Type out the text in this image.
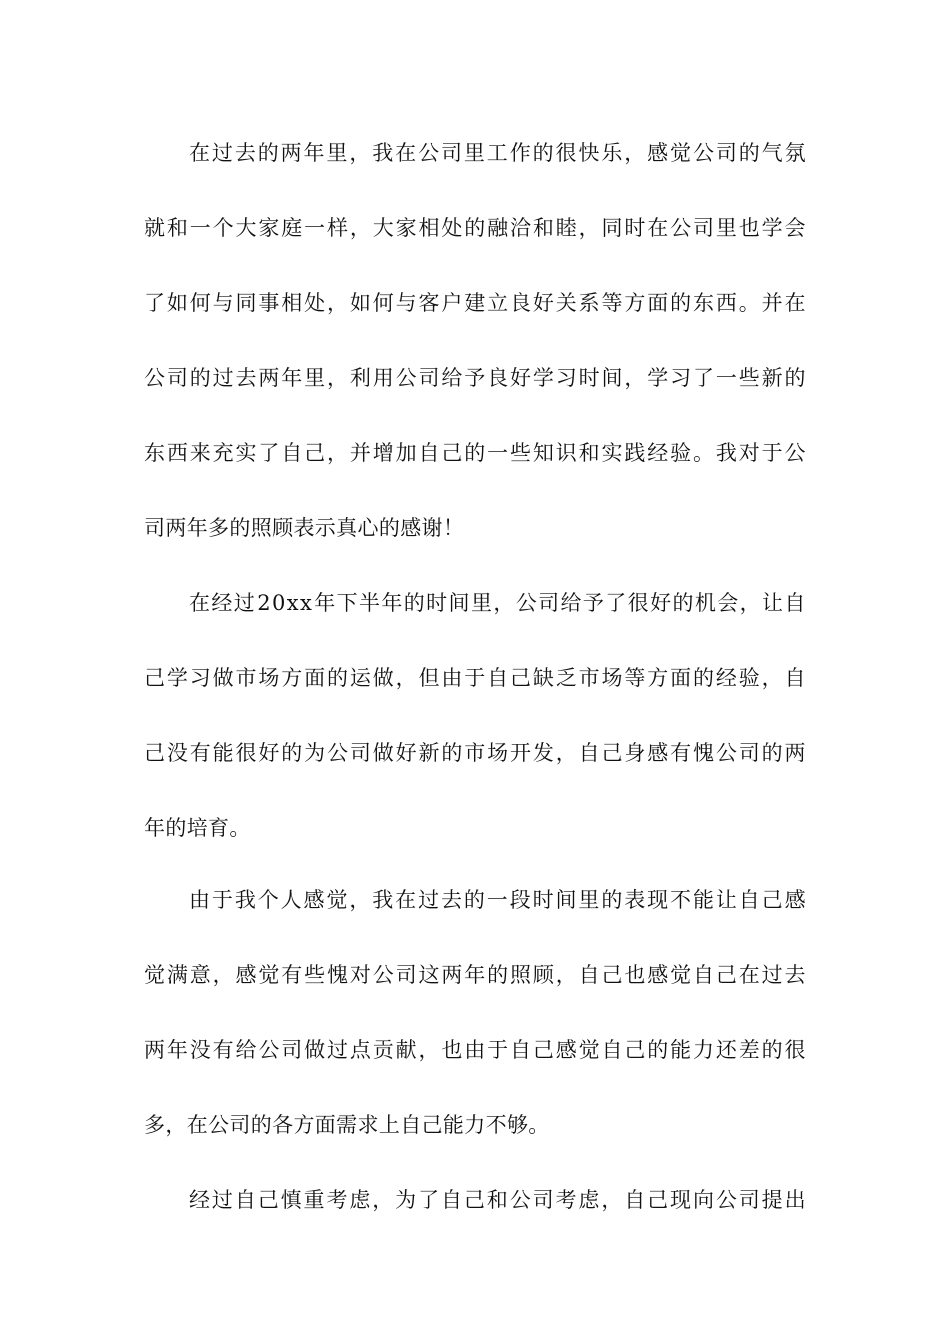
在 过 去 的 两 年 里 ， 我 在 公 司 里 工 作 的 很 快 乐 ， 感 觉 公 司 的 气 氛

就 和 一 个 大 家 庭 一 样 ， 大 家 相 处 的 融 洽 和 睦 ， 同 时 在 公 司 里 也 学 会

了 如 何 与 同 事 相 处 ， 如 何 与 客 户 建 立 良 好 关 系 等 方 面 的 东 西 。 并 在

公 司 的 过 去 两 年 里 ， 利 用 公 司 给 予 良 好 学 习 时 间 ， 学 习 了 一 些 新 的

东 西 来 充 实 了 自 己 ， 并 增 加 自 己 的 一 些 知 识 和 实 践 经 验 。 我 对 于 公

司两年多的照顾表示真心的感谢！

在 经 过 2 0 x x 年 下 半 年 的 时 间 里 ， 公 司 给 予 了 很 好 的 机 会 ， 让 自

己 学 习 做 市 场 方 面 的 运 做 ， 但 由 于 自 己 缺 乏 市 场 等 方 面 的 经 验 ， 自

己 没 有 能 很 好 的 为 公 司 做 好 新 的 市 场 开 发 ， 自 己 身 感 有 愧 公 司 的 两

年的培育。

由 于 我 个 人 感 觉 ， 我 在 过 去 的 一 段 时 间 里 的 表 现 不 能 让 自 己 感

觉 满 意 ， 感 觉 有 些 愧 对 公 司 这 两 年 的 照 顾 ， 自 己 也 感 觉 自 己 在 过 去

两 年 没 有 给 公 司 做 过 点 贡 献 ， 也 由 于 自 己 感 觉 自 己 的 能 力 还 差 的 很

多，在公司的各方面需求上自己能力不够。

经 过 自 己 慎 重 考 虑 ， 为 了 自 己 和 公 司 考 虑 ， 自 己 现 向 公 司 提 出
